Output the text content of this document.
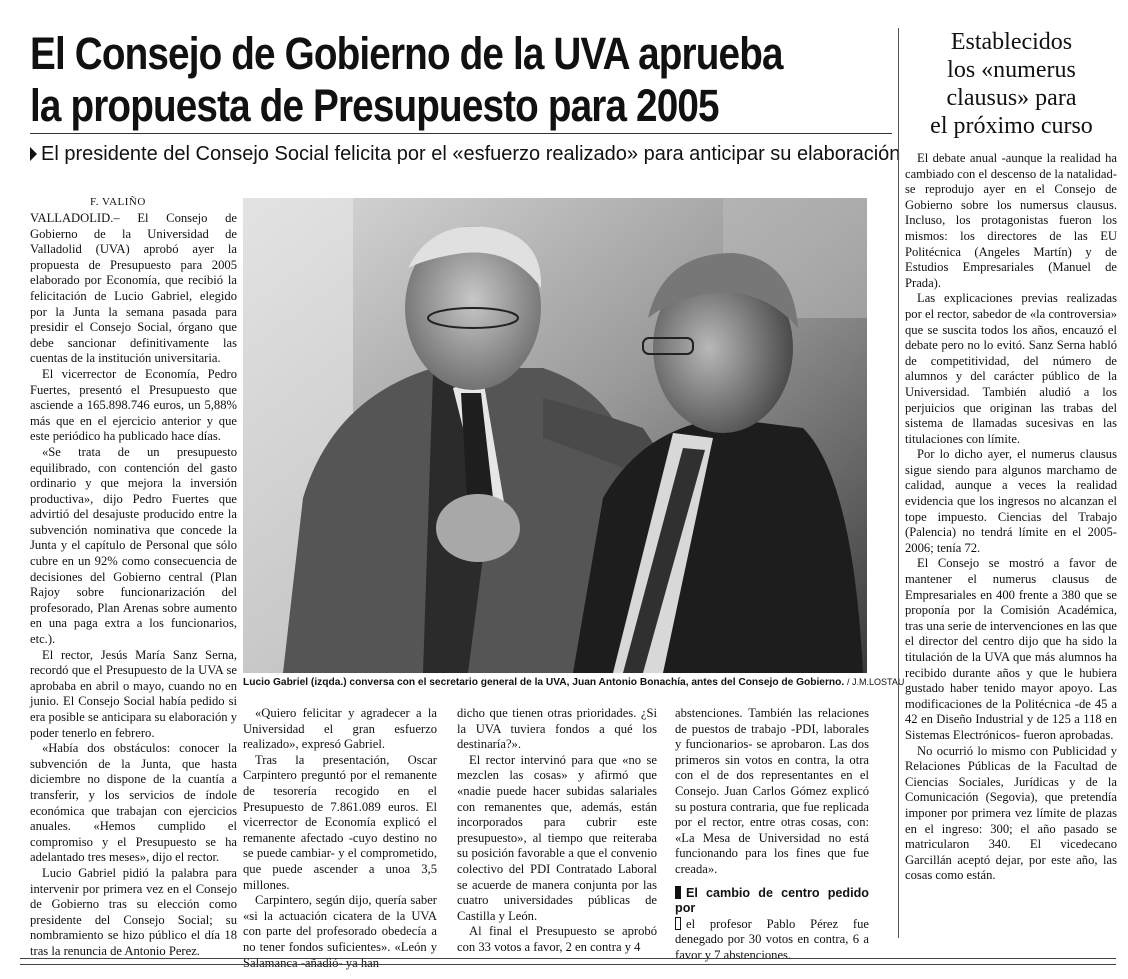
El Consejo de Gobierno de la UVA aprueba
la propuesta de Presupuesto para 2005
El presidente del Consejo Social felicita por el «esfuerzo realizado» para anticipar su elaboración
F. VALIÑO

VALLADOLID.– El Consejo de Gobierno de la Universidad de Valladolid (UVA) aprobó ayer la propuesta de Presupuesto para 2005 elaborado por Economía, que recibió la felicitación de Lucio Gabriel, elegido por la Junta la semana pasada para presidir el Consejo Social, órgano que debe sancionar definitivamente las cuentas de la institución universitaria.

El vicerrector de Economía, Pedro Fuertes, presentó el Presupuesto que asciende a 165.898.746 euros, un 5,88% más que en el ejercicio anterior y que este periódico ha publicado hace días.

«Se trata de un presupuesto equilibrado, con contención del gasto ordinario y que mejora la inversión productiva», dijo Pedro Fuertes que advirtió del desajuste producido entre la subvención nominativa que concede la Junta y el capítulo de Personal que sólo cubre en un 92% como consecuencia de decisiones del Gobierno central (Plan Rajoy sobre funcionarización del profesorado, Plan Arenas sobre aumento en una paga extra a los funcionarios, etc.).

El rector, Jesús María Sanz Serna, recordó que el Presupuesto de la UVA se aprobaba en abril o mayo, cuando no en junio. El Consejo Social había pedido si era posible se anticipara su elaboración y poder tenerlo en febrero.

«Había dos obstáculos: conocer la subvención de la Junta, que hasta diciembre no dispone de la cuantía a transferir, y los servicios de índole económica que trabajan con ejercicios anuales. «Hemos cumplido el compromiso y el Presupuesto se ha adelantado tres meses», dijo el rector.

Lucio Gabriel pidió la palabra para intervenir por primera vez en el Consejo de Gobierno tras su elección como presidente del Consejo Social; su nombramiento se hizo público el día 18 tras la renuncia de Antonio Perez.

Lucio Gabriel (izqda.) conversa con el secretario general de la UVA, Juan Antonio Bonachía, antes del Consejo de Gobierno. / J.M.LOSTAU

«Quiero felicitar y agradecer a la Universidad el gran esfuerzo realizado», expresó Gabriel.

Tras la presentación, Oscar Carpintero preguntó por el remanente de tesorería recogido en el Presupuesto de 7.861.089 euros. El vicerrector de Economía explicó el remanente afectado -cuyo destino no se puede cambiar- y el comprometido, que puede ascender a unoa 3,5 millones.

Carpintero, según dijo, quería saber «si la actuación cicatera de la UVA con parte del profesorado obedecía a no tener fondos suficientes». «León y Salamanca -añadió- ya han

dicho que tienen otras prioridades. ¿Si la UVA tuviera fondos a qué los destinaría?».

El rector intervinó para que «no se mezclen las cosas» y afirmó que «nadie puede hacer subidas salariales con remanentes que, además, están incorporados para cubrir este presupuesto», al tiempo que reiteraba su posición favorable a que el convenio colectivo del PDI Contratado Laboral se acuerde de manera conjunta por las cuatro universidades públicas de Castilla y León.

Al final el Presupuesto se aprobó con 33 votos a favor, 2 en contra y 4

abstenciones. También las relaciones de puestos de trabajo -PDI, laborales y funcionarios- se aprobaron. Las dos primeros sin votos en contra, la otra con el de dos representantes en el Consejo. Juan Carlos Gómez explicó su postura contraria, que fue replicada por el rector, entre otras cosas, con: «La Mesa de Universidad no está funcionando para los fines que fue creada».

El cambio de centro pedido por

el profesor Pablo Pérez fue denegado por 30 votos en contra, 6 a favor y 7 abstenciones.

Establecidos
los «numerus
clausus» para
el próximo curso

El debate anual -aunque la realidad ha cambiado con el descenso de la natalidad- se reprodujo ayer en el Consejo de Gobierno sobre los numersus clausus. Incluso, los protagonistas fueron los mismos: los directores de las EU Politécnica (Angeles Martín) y de Estudios Empresariales (Manuel de Prada).

Las explicaciones previas realizadas por el rector, sabedor de «la controversia» que se suscita todos los años, encauzó el debate pero no lo evitó. Sanz Serna habló de competitividad, del número de alumnos y del carácter público de la Universidad. También aludió a los perjuicios que originan las trabas del sistema de llamadas sucesivas en las titulaciones con límite.

Por lo dicho ayer, el numerus clausus sigue siendo para algunos marchamo de calidad, aunque a veces la realidad evidencia que los ingresos no alcanzan el tope impuesto. Ciencias del Trabajo (Palencia) no tendrá límite en el 2005-2006; tenía 72.

El Consejo se mostró a favor de mantener el numerus clausus de Empresariales en 400 frente a 380 que se proponía por la Comisión Académica, tras una serie de intervenciones en las que el director del centro dijo que ha sido la titulación de la UVA que más alumnos ha recibido durante años y que le hubiera gustado haber tenido mayor apoyo. Las modificaciones de la Politécnica -de 45 a 42 en Diseño Industrial y de 125 a 118 en Sistemas Electrónicos- fueron aprobadas.

No ocurrió lo mismo con Publicidad y Relaciones Públicas de la Facultad de Ciencias Sociales, Jurídicas y de la Comunicación (Segovia), que pretendía imponer por primera vez límite de plazas en el ingreso: 300; el año pasado se matricularon 340. El vicedecano Garcillán aceptó dejar, por este año, las cosas como están.
